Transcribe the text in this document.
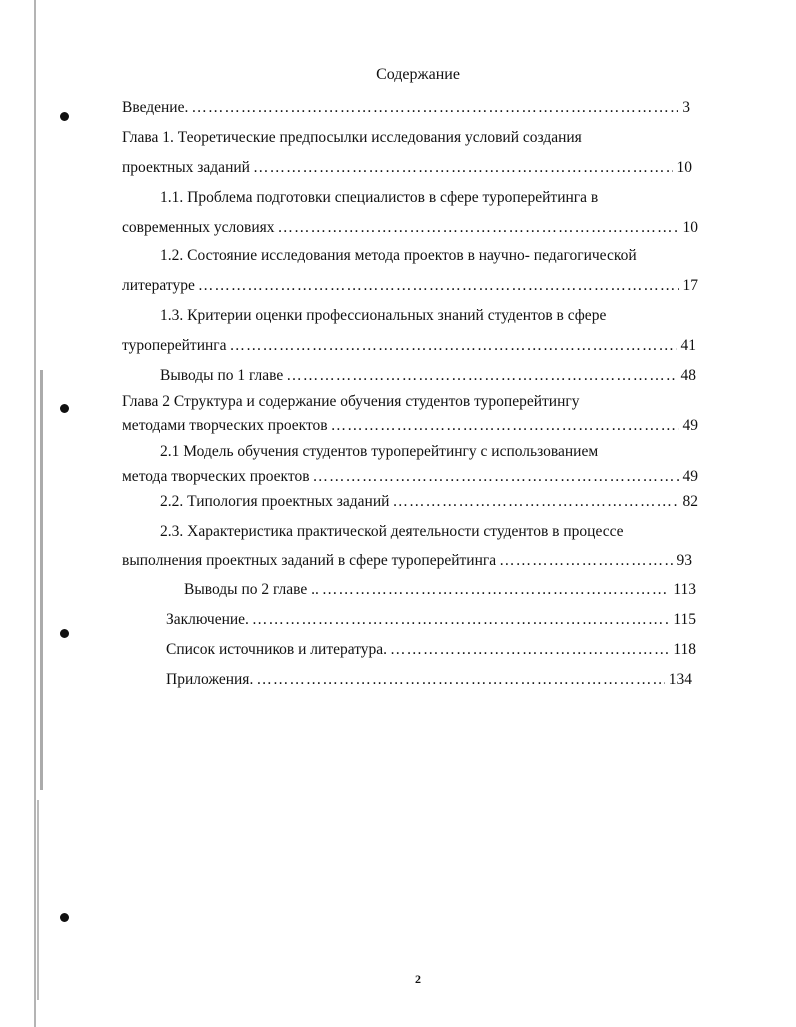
Содержание
Введение. ……………………………………………………………………………………………………………………………………………………………………	3
Глава 1. Теоретические предпосылки исследования условий создания
проектных заданий ……………………………………………………………………………………………………………………………………………………………………	10
1.1. Проблема подготовки специалистов в сфере туроперейтинга в
современных условиях ……………………………………………………………………………………………………………………………………………………………………	10
1.2. Состояние исследования метода проектов в научно- педагогической
литературе ……………………………………………………………………………………………………………………………………………………………………	17
1.3. Критерии оценки профессиональных знаний студентов в сфере
туроперейтинга ……………………………………………………………………………………………………………………………………………………………………	41
Выводы по 1 главе ……………………………………………………………………………………………………………………………………………………………………	48
Глава 2 Структура и содержание обучения студентов туроперейтингу
методами творческих проектов ……………………………………………………………………………………………………………………………………………………………………	49
2.1 Модель обучения студентов туроперейтингу с использованием
метода творческих проектов ……………………………………………………………………………………………………………………………………………………………………	49
2.2. Типология проектных заданий ……………………………………………………………………………………………………………………………………………………………………	82
2.3. Характеристика практической деятельности студентов в процессе
выполнения проектных заданий в сфере туроперейтинга ……………………………………………………………………………………………………………………………………………………………………	93
Выводы по 2 главе .. ……………………………………………………………………………………………………………………………………………………………………	113
Заключение. ……………………………………………………………………………………………………………………………………………………………………	115
Список источников и литература. ……………………………………………………………………………………………………………………………………………………………………	118
Приложения. ……………………………………………………………………………………………………………………………………………………………………	134
2
